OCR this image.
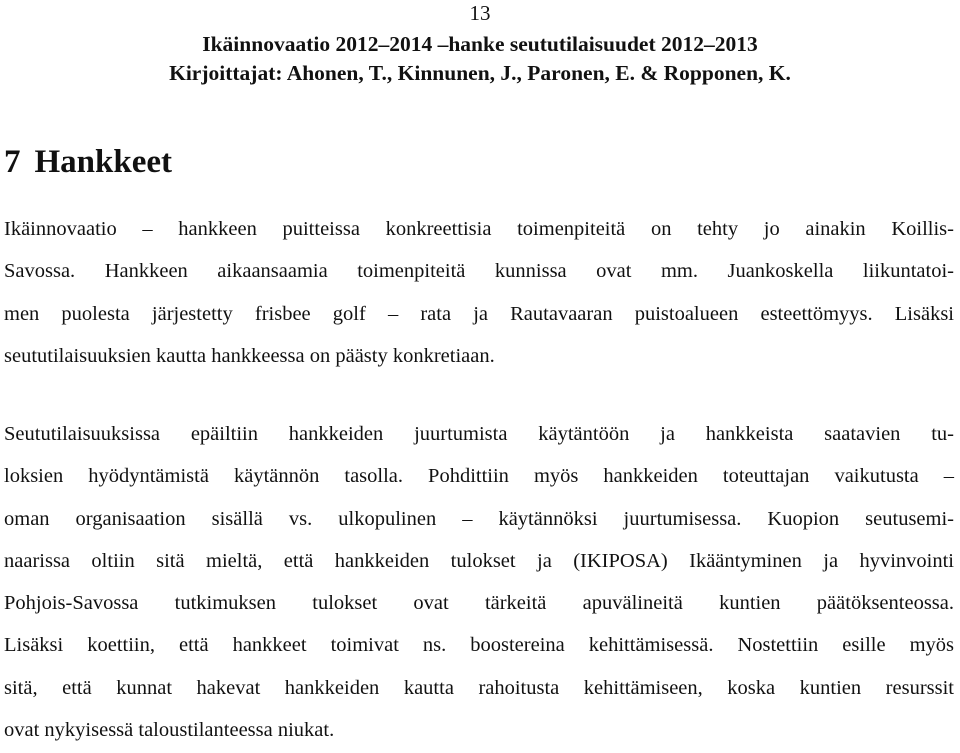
13
Ikäinnovaatio 2012–2014 –hanke seututilaisuudet 2012–2013
Kirjoittajat: Ahonen, T., Kinnunen, J., Paronen, E. & Ropponen, K.
7 Hankkeet
Ikäinnovaatio – hankkeen puitteissa konkreettisia toimenpiteitä on tehty jo ainakin Koillis-
Savossa. Hankkeen aikaansaamia toimenpiteitä kunnissa ovat mm. Juankoskella liikuntatoi-
men puolesta järjestetty frisbee golf – rata ja Rautavaaran puistoalueen esteettömyys. Lisäksi
seututilaisuuksien kautta hankkeessa on päästy konkretiaan.
Seututilaisuuksissa epäiltiin hankkeiden juurtumista käytäntöön ja hankkeista saatavien tu-
loksien hyödyntämistä käytännön tasolla. Pohdittiin myös hankkeiden toteuttajan vaikutusta –
oman organisaation sisällä vs. ulkopulinen – käytännöksi juurtumisessa. Kuopion seutusemi-
naarissa oltiin sitä mieltä, että hankkeiden tulokset ja (IKIPOSA) Ikääntyminen ja hyvinvointi
Pohjois-Savossa tutkimuksen tulokset ovat tärkeitä apuvälineitä kuntien päätöksenteossa.
Lisäksi koettiin, että hankkeet toimivat ns. boostereina kehittämisessä. Nostettiin esille myös
sitä, että kunnat hakevat hankkeiden kautta rahoitusta kehittämiseen, koska kuntien resurssit
ovat nykyisessä taloustilanteessa niukat.
